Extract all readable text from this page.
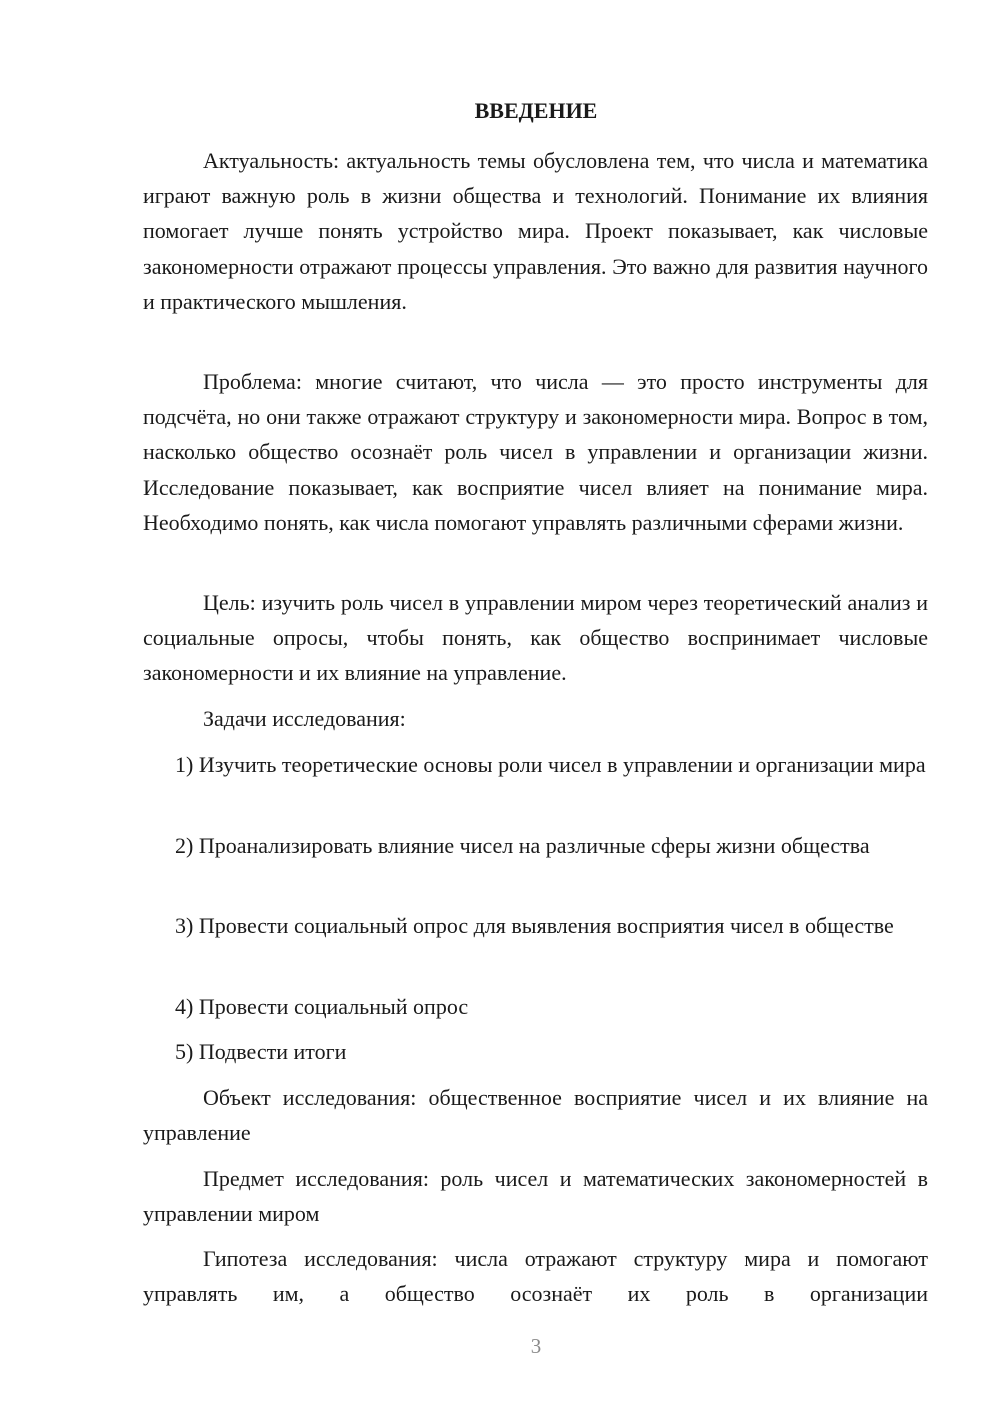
ВВЕДЕНИЕ

Актуальность: актуальность темы обусловлена тем, что числа и математика играют важную роль в жизни общества и технологий. Понимание их влияния помогает лучше понять устройство мира. Проект показывает, как числовые закономерности отражают процессы управления. Это важно для развития научного и практического мышления.

Проблема: многие считают, что числа — это просто инструменты для подсчёта, но они также отражают структуру и закономерности мира. Вопрос в том, насколько общество осознаёт роль чисел в управлении и организации жизни. Исследование показывает, как восприятие чисел влияет на понимание мира. Необходимо понять, как числа помогают управлять различными сферами жизни.

Цель: изучить роль чисел в управлении миром через теоретический анализ и социальные опросы, чтобы понять, как общество воспринимает числовые закономерности и их влияние на управление.

Задачи исследования:

1) Изучить теоретические основы роли чисел в управлении и организации мира

2) Проанализировать влияние чисел на различные сферы жизни общества

3) Провести социальный опрос для выявления восприятия чисел в обществе

4) Провести социальный опрос

5) Подвести итоги

Объект исследования: общественное восприятие чисел и их влияние на управление

Предмет исследования: роль чисел и математических закономерностей в управлении миром

Гипотеза исследования: числа отражают структуру мира и помогают управлять им, а общество осознаёт их роль в организации

3
